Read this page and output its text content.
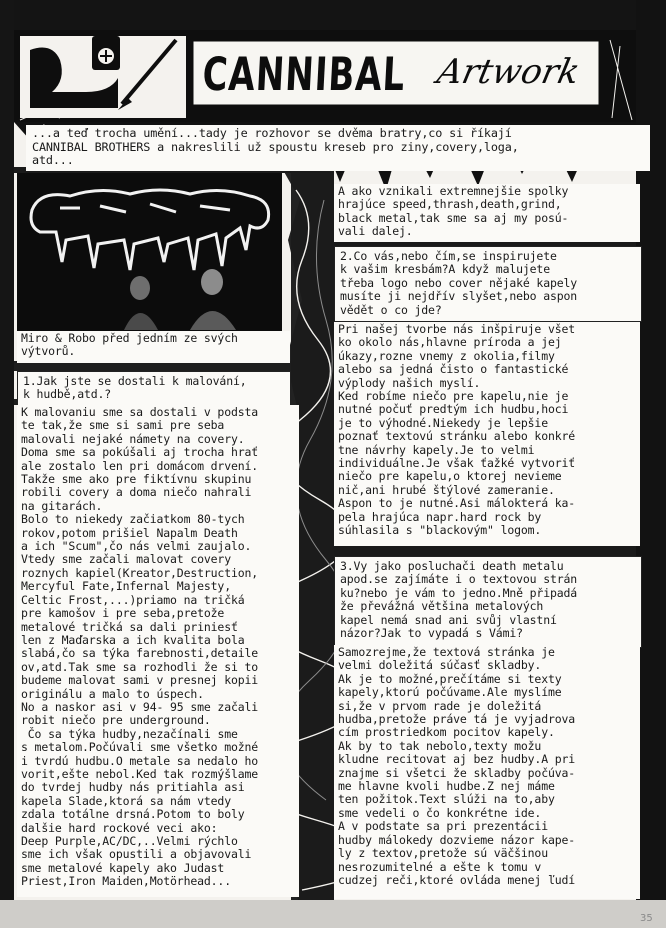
CANNIBAL Artwork
...a teď trocha umění...tady je rozhovor se dvěma bratry,co si říkají
CANNIBAL BROTHERS a nakreslili už spoustu kreseb pro ziny,covery,loga,
atd...
Miro & Robo před jedním ze svých
výtvorů.
1.Jak jste se dostali k malování,
k hudbě,atd.?
K malovaniu sme sa dostali v podsta
te tak,že sme si sami pre seba
malovali nejaké námety na covery.
Doma sme sa pokúšali aj trocha hrať
ale zostalo len pri domácom drvení.
Takže sme ako pre fiktívnu skupinu
robili covery a doma niečo nahrali
na gitarách.
Bolo to niekedy začiatkom 80-tych
rokov,potom prišiel Napalm Death
a ich "Scum",čo nás velmi zaujalo.
Vtedy sme začali malovat covery
roznych kapiel(Kreator,Destruction,
Mercyful Fate,Infernal Majesty,
Celtic Frost,...)priamo na tričká
pre kamošov i pre seba,pretože
metalové tričká sa dali priniesť
len z Maďarska a ich kvalita bola
slabá,čo sa týka farebnosti,detaile
ov,atd.Tak sme sa rozhodli že si to
budeme malovat sami v presnej kopii
originálu a malo to úspech.
No a naskor asi v 94- 95 sme začali
robit niečo pre underground.
Čo sa týka hudby,nezačínali sme
s metalom.Počúvali sme všetko možné
i tvrdú hudbu.O metale sa nedalo ho
vorit,ešte nebol.Ked tak rozmýšlame
do tvrdej hudby nás pritiahla asi
kapela Slade,ktorá sa nám vtedy
zdala totálne drsná.Potom to boly
dalšie hard rockové veci ako:
Deep Purple,AC/DC,..Velmi rýchlo
sme ich však opustili a objavovali
sme metalové kapely ako Judast
Priest,Iron Maiden,Motörhead...
A ako vznikali extremnejšie spolky
hrajúce speed,thrash,death,grind,
black metal,tak sme sa aj my posú-
vali dalej.
2.Co vás,nebo čím,se inspirujete
k vašim kresbám?A když malujete
třeba logo nebo cover nějaké kapely
musíte ji nejdřív slyšet,nebo aspon
vědět o co jde?
Pri našej tvorbe nás inšpiruje všet
ko okolo nás,hlavne príroda a jej
úkazy,rozne vnemy z okolia,filmy
alebo sa jedná čisto o fantastické
výplody našich myslí.
Ked robíme niečo pre kapelu,nie je
nutné počuť predtým ich hudbu,hoci
je to výhodné.Niekedy je lepšie
poznať textovú stránku alebo konkré
tne návrhy kapely.Je to velmi
individuálne.Je však ťažké vytvoriť
niečo pre kapelu,o ktorej nevieme
nič,ani hrubé štýlové zameranie.
Aspon to je nutné.Asi málokterá ka-
pela hrajúca napr.hard rock by
súhlasila s "blackovým" logom.
3.Vy jako posluchači death metalu
apod.se zajímáte i o textovou strán
ku?nebo je vám to jedno.Mně připadá
že převážná většina metalových
kapel nemá snad ani svůj vlastní
názor?Jak to vypadá s Vámi?
Samozrejme,že textová stránka je
velmi doležitá súčasť skladby.
Ak je to možné,prečítáme si texty
kapely,ktorú počúvame.Ale myslíme
si,že v prvom rade je doležitá
hudba,pretože práve tá je vyjadrova
cím prostriedkom pocitov kapely.
Ak by to tak nebolo,texty možu
kludne recitovat aj bez hudby.A pri
znajme si všetci že skladby počúva-
me hlavne kvoli hudbe.Z nej máme
ten požitok.Text slúži na to,aby
sme vedeli o čo konkrétne ide.
A v podstate sa pri prezentácii
hudby málokedy dozvieme názor kape-
ly z textov,pretože sú väčšinou
nesrozumitelné a ešte k tomu v
cudzej reči,ktoré ovláda menej ľudí
35
